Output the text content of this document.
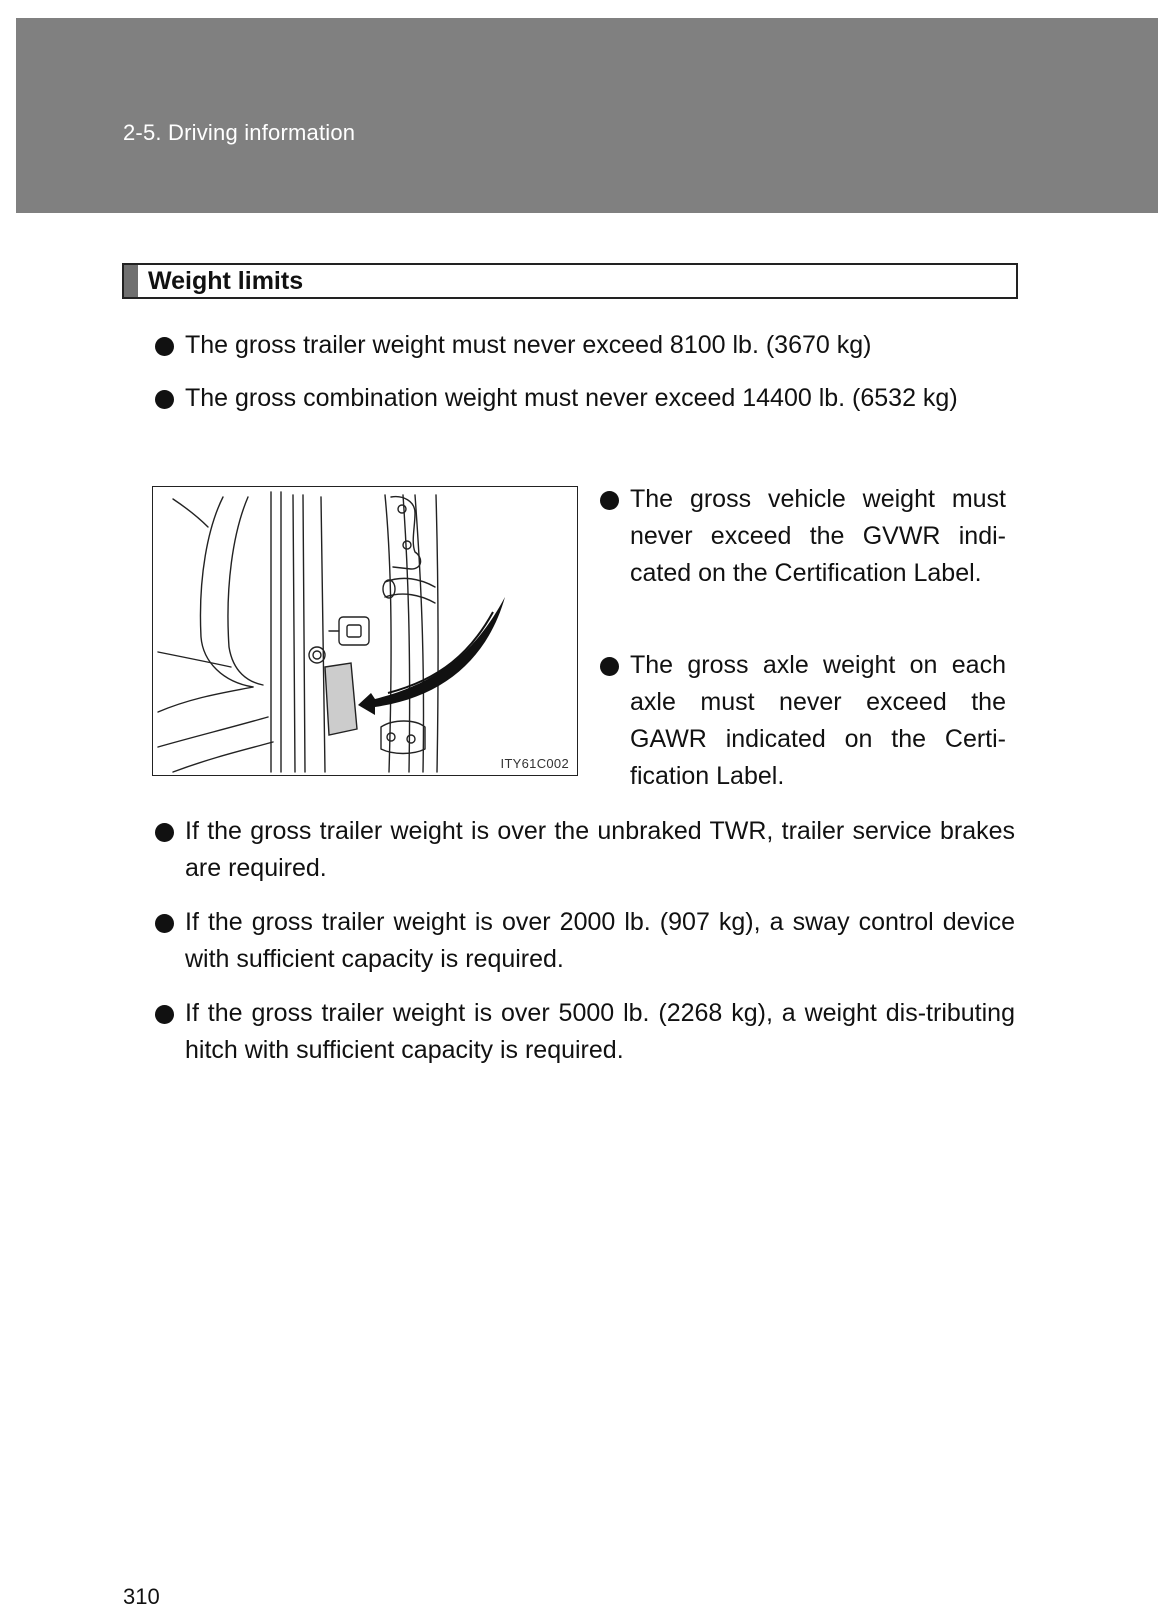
2-5. Driving information
Weight limits
The gross trailer weight must never exceed 8100 lb. (3670 kg)
The gross combination weight must never exceed 14400 lb. (6532 kg)
ITY61C002
The gross vehicle weight must never exceed the GVWR indi-cated on the Certification Label.
The gross axle weight on each axle must never exceed the GAWR indicated on the Certi-fication Label.
If the gross trailer weight is over the unbraked TWR, trailer service brakes are required.
If the gross trailer weight is over 2000 lb. (907 kg), a sway control device with sufficient capacity is required.
If the gross trailer weight is over 5000 lb. (2268 kg), a weight dis-tributing hitch with sufficient capacity is required.
310
